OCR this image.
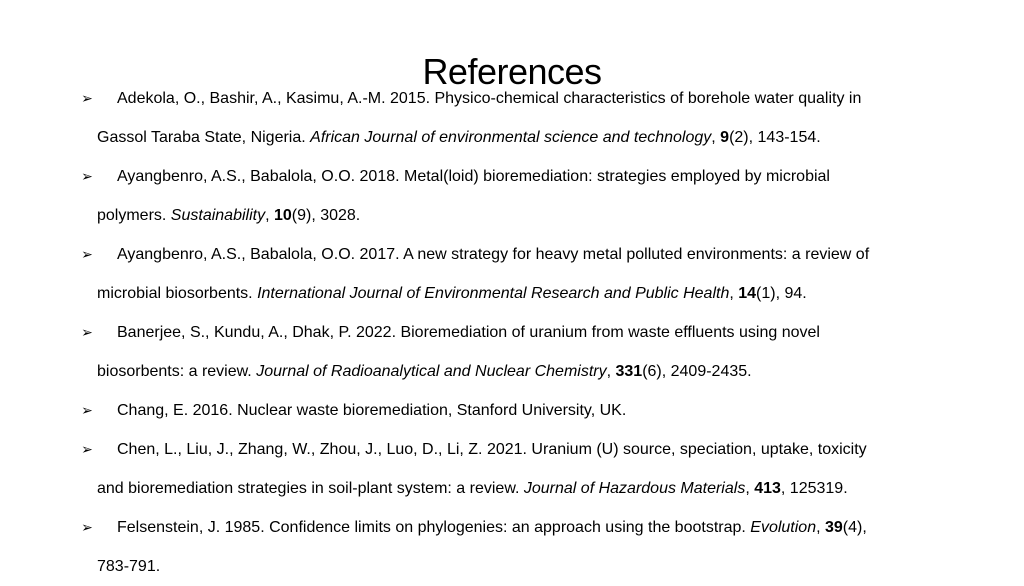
References
➢ Adekola, O., Bashir, A., Kasimu, A.-M. 2015. Physico-chemical characteristics of borehole water quality in
Gassol Taraba State, Nigeria. African Journal of environmental science and technology, 9(2), 143-154.
➢ Ayangbenro, A.S., Babalola, O.O. 2018. Metal(loid) bioremediation: strategies employed by microbial
polymers. Sustainability, 10(9), 3028.
➢ Ayangbenro, A.S., Babalola, O.O. 2017. A new strategy for heavy metal polluted environments: a review of
microbial biosorbents. International Journal of Environmental Research and Public Health, 14(1), 94.
➢ Banerjee, S., Kundu, A., Dhak, P. 2022. Bioremediation of uranium from waste effluents using novel
biosorbents: a review. Journal of Radioanalytical and Nuclear Chemistry, 331(6), 2409-2435.
➢ Chang, E. 2016. Nuclear waste bioremediation, Stanford University, UK.
➢ Chen, L., Liu, J., Zhang, W., Zhou, J., Luo, D., Li, Z. 2021. Uranium (U) source, speciation, uptake, toxicity
and bioremediation strategies in soil-plant system: a review. Journal of Hazardous Materials, 413, 125319.
➢ Felsenstein, J. 1985. Confidence limits on phylogenies: an approach using the bootstrap. Evolution, 39(4),
783-791.
